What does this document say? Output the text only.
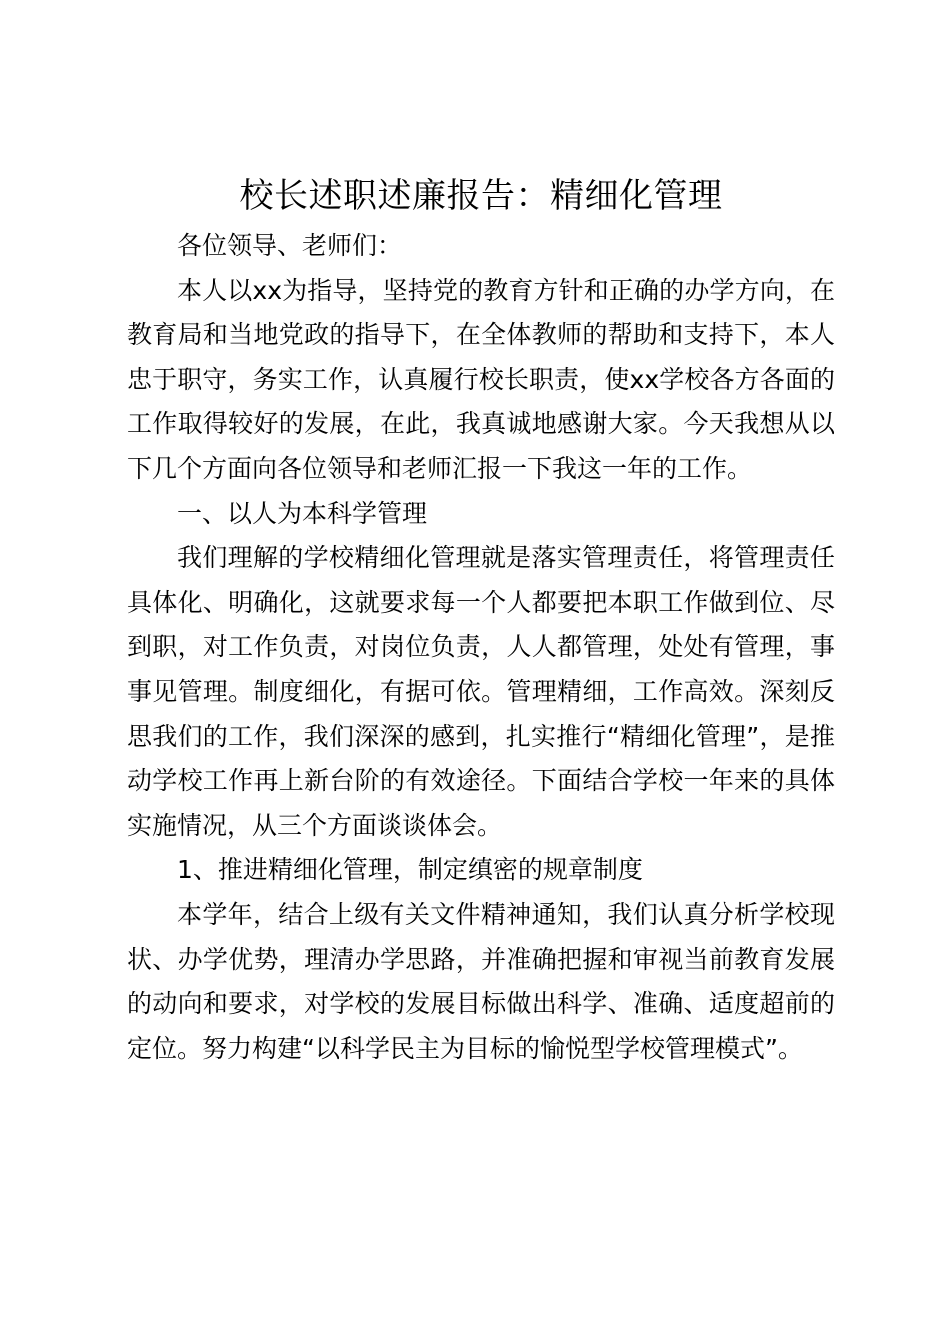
校长述职述廉报告：精细化管理

各位领导、老师们：

本人以xx为指导，坚持党的教育方针和正确的办学方向，在教育局和当地党政的指导下，在全体教师的帮助和支持下，本人忠于职守，务实工作，认真履行校长职责，使xx学校各方各面的工作取得较好的发展，在此，我真诚地感谢大家。今天我想从以下几个方面向各位领导和老师汇报一下我这一年的工作。

一、以人为本科学管理

我们理解的学校精细化管理就是落实管理责任，将管理责任具体化、明确化，这就要求每一个人都要把本职工作做到位、尽到职，对工作负责，对岗位负责，人人都管理，处处有管理，事事见管理。制度细化，有据可依。管理精细，工作高效。深刻反思我们的工作，我们深深的感到，扎实推行“精细化管理”，是推动学校工作再上新台阶的有效途径。下面结合学校一年来的具体实施情况，从三个方面谈谈体会。

1、推进精细化管理，制定缜密的规章制度

本学年，结合上级有关文件精神通知，我们认真分析学校现状、办学优势，理清办学思路，并准确把握和审视当前教育发展的动向和要求，对学校的发展目标做出科学、准确、适度超前的定位。努力构建“以科学民主为目标的愉悦型学校管理模式”。
